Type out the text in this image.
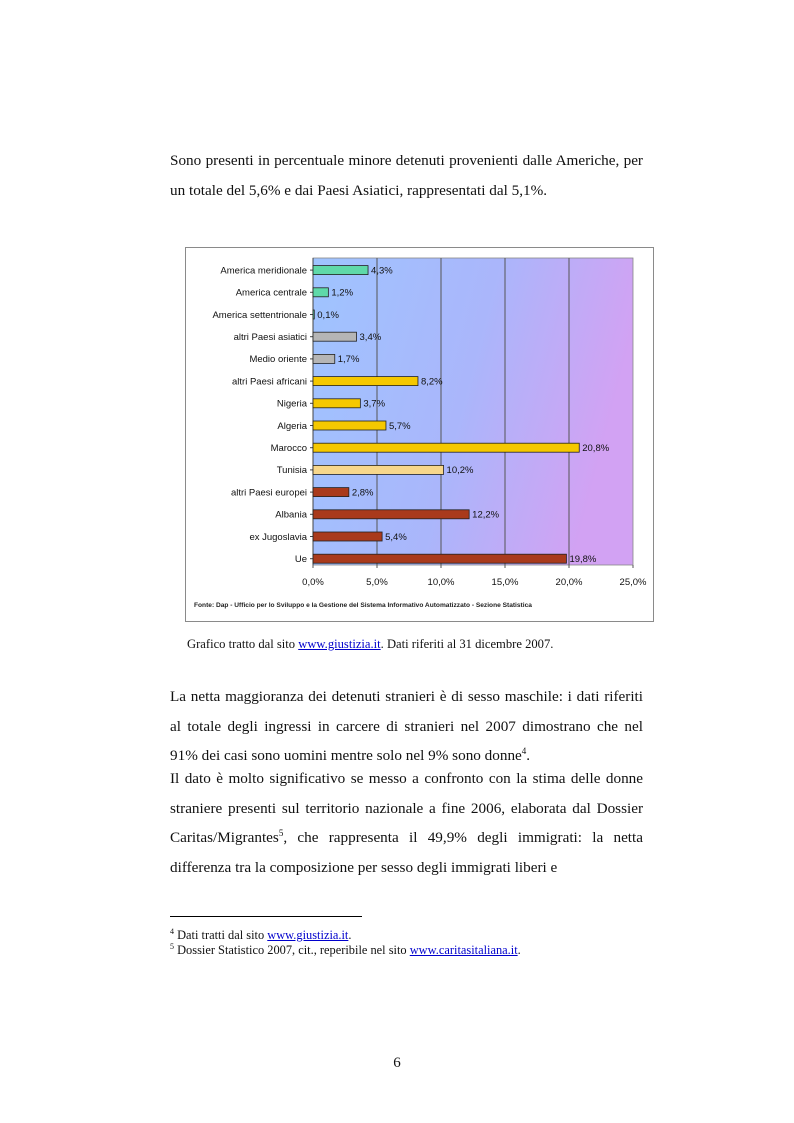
Sono presenti in percentuale minore detenuti provenienti dalle Americhe, per un totale del 5,6% e dai Paesi Asiatici, rappresentati dal 5,1%.

0,0%	5,0%	10,0%	15,0%	20,0%	25,0%
America meridionale	4,3%
America centrale	1,2%
America settentrionale 0,1%
altri Paesi asiatici	3,4%
Medio oriente	1,7%
altri Paesi africani	8,2%
Nigeria	3,7%
Algeria	5,7%
Marocco	20,8%
Tunisia	10,2%
altri Paesi europei	2,8%
Albania	12,2%
ex Jugoslavia	5,4%
Ue	19,8%
Fonte: Dap - Ufficio per lo Sviluppo e la Gestione del Sistema Informativo Automatizzato - Sezione Statistica

Grafico tratto dal sito www.giustizia.it. Dati riferiti al 31 dicembre 2007.

La netta maggioranza dei detenuti stranieri è di sesso maschile: i dati riferiti al totale degli ingressi in carcere di stranieri nel 2007 dimostrano che nel 91% dei casi sono uomini mentre solo nel 9% sono donne$^4$.

Il dato è molto significativo se messo a confronto con la stima delle donne straniere presenti sul territorio nazionale a fine 2006, elaborata dal Dossier Caritas/Migrantes$^5$, che rappresenta il 49,9% degli immigrati: la netta differenza tra la composizione per sesso degli immigrati liberi e

$^4$ Dati tratti dal sito www.giustizia.it.

$^5$ Dossier Statistico 2007, cit., reperibile nel sito www.caritasitaliana.it.

6
